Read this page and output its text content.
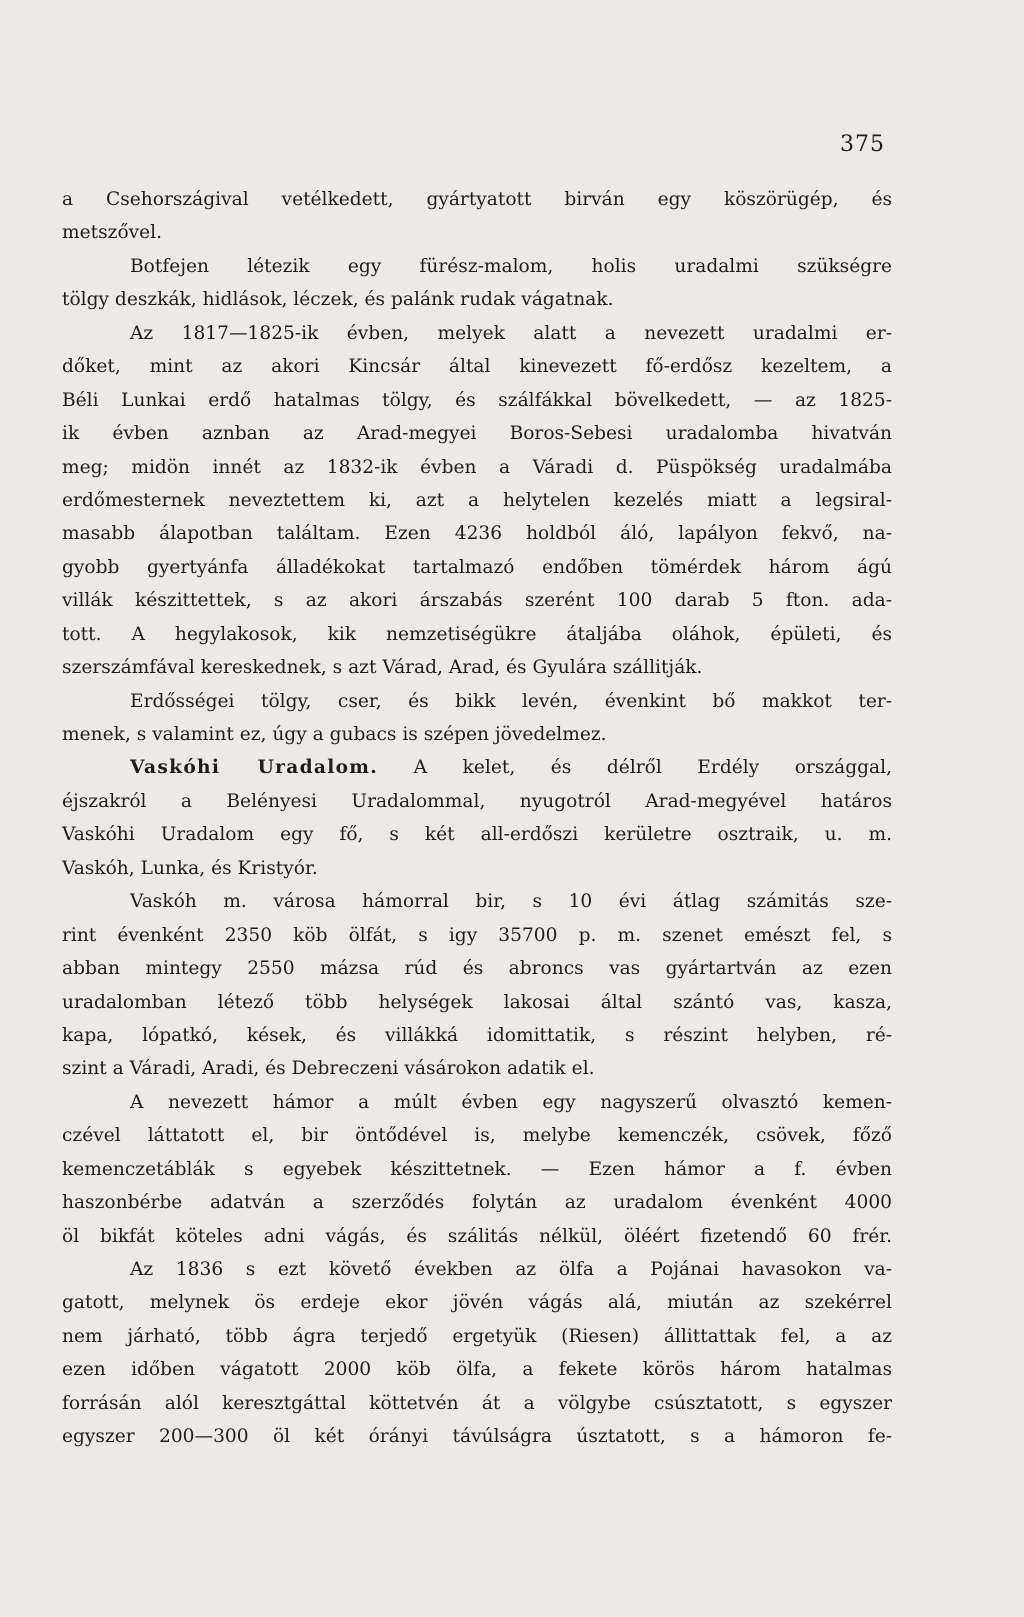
375
a Csehországival vetélkedett, gyártyatott birván egy köszörügép, és
metszővel.
Botfejen létezik egy fürész-malom, holis uradalmi szükségre
tölgy deszkák, hidlások, léczek, és palánk rudak vágatnak.
Az 1817—1825-ik évben, melyek alatt a nevezett uradalmi er-
dőket, mint az akori Kincsár által kinevezett fő-erdősz kezeltem, a
Béli Lunkai erdő hatalmas tölgy, és szálfákkal bövelkedett, — az 1825-
ik évben aznban az Arad-megyei Boros-Sebesi uradalomba hivatván
meg; midön innét az 1832-ik évben a Váradi d. Püspökség uradalmába
erdőmesternek neveztettem ki, azt a helytelen kezelés miatt a legsiral-
masabb álapotban találtam. Ezen 4236 holdból áló, lapályon fekvő, na-
gyobb gyertyánfa álladékokat tartalmazó endőben tömérdek három ágú
villák készittettek, s az akori árszabás szerént 100 darab 5 fton. ada-
tott. A hegylakosok, kik nemzetiségükre átaljába oláhok, épületi, és
szerszámfával kereskednek, s azt Várad, Arad, és Gyulára szállitják.
Erdősségei tölgy, cser, és bikk levén, évenkint bő makkot ter-
menek, s valamint ez, úgy a gubacs is szépen jövedelmez.
Vaskóhi Uradalom. A kelet, és délről Erdély országgal,
éjszakról a Belényesi Uradalommal, nyugotról Arad-megyével határos
Vaskóhi Uradalom egy fő, s két all-erdőszi kerületre osztraik, u. m.
Vaskóh, Lunka, és Kristyór.
Vaskóh m. városa hámorral bir, s 10 évi átlag számitás sze-
rint évenként 2350 köb ölfát, s igy 35700 p. m. szenet emészt fel, s
abban mintegy 2550 mázsa rúd és abroncs vas gyártartván az ezen
uradalomban létező több helységek lakosai által szántó vas, kasza,
kapa, lópatkó, kések, és villákká idomittatik, s részint helyben, ré-
szint a Váradi, Aradi, és Debreczeni vásárokon adatik el.
A nevezett hámor a múlt évben egy nagyszerű olvasztó kemen-
czével láttatott el, bir öntődével is, melybe kemenczék, csövek, főző
kemenczetáblák s egyebek készittetnek. — Ezen hámor a f. évben
haszonbérbe adatván a szerződés folytán az uradalom évenként 4000
öl bikfát köteles adni vágás, és szálitás nélkül, öléért fizetendő 60 frér.
Az 1836 s ezt követő években az ölfa a Pojánai havasokon va-
gatott, melynek ös erdeje ekor jövén vágás alá, miután az szekérrel
nem járható, több ágra terjedő ergetyük (Riesen) állittattak fel, a az
ezen időben vágatott 2000 köb ölfa, a fekete körös három hatalmas
forrásán alól keresztgáttal köttetvén át a völgybe csúsztatott, s egyszer
egyszer 200—300 öl két órányi távúlságra úsztatott, s a hámoron fe-
